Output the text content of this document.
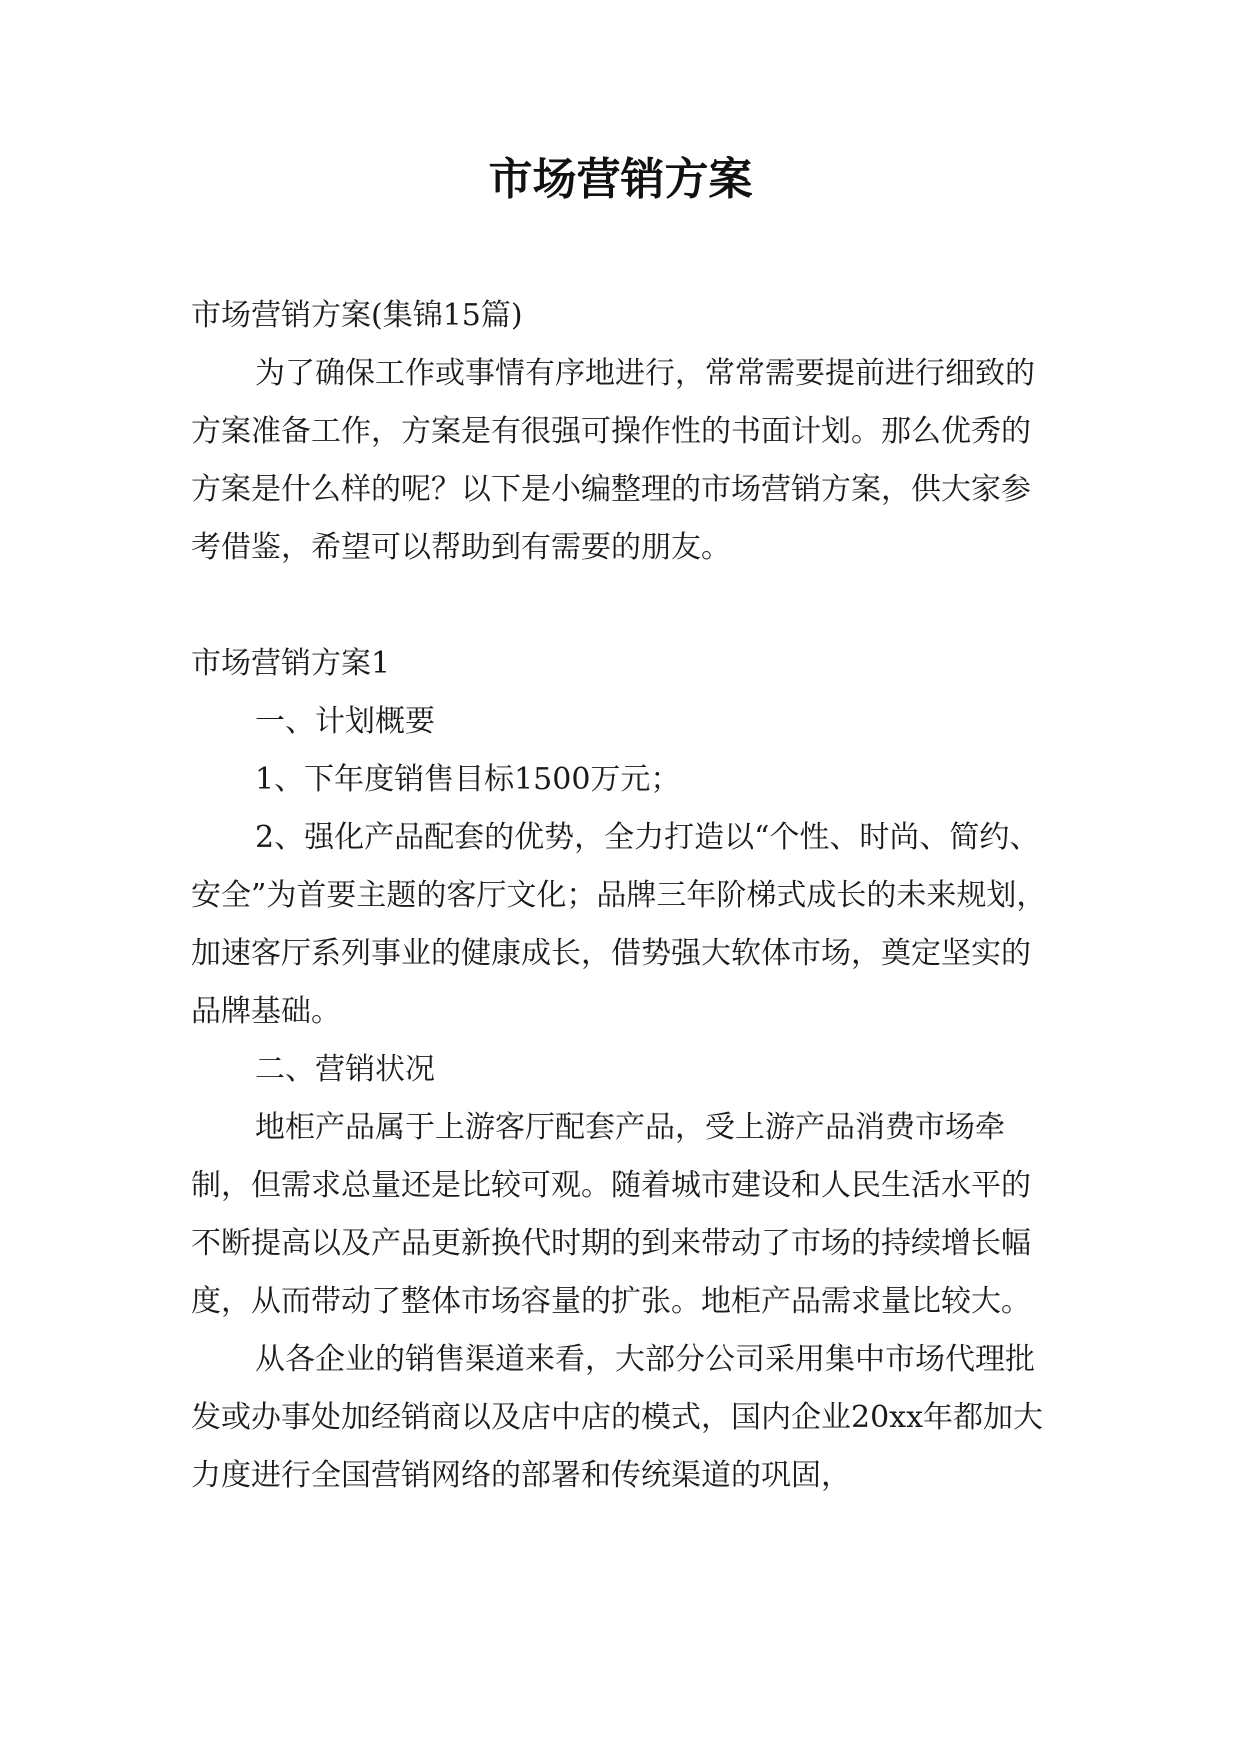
市场营销方案

市场营销方案(集锦15篇)

为了确保工作或事情有序地进行，常常需要提前进行细致的方案准备工作，方案是有很强可操作性的书面计划。那么优秀的方案是什么样的呢？以下是小编整理的市场营销方案，供大家参考借鉴，希望可以帮助到有需要的朋友。

市场营销方案1

一、计划概要

1、下年度销售目标1500万元；

2、强化产品配套的优势，全力打造以“个性、时尚、简约、安全”为首要主题的客厅文化；品牌三年阶梯式成长的未来规划，加速客厅系列事业的健康成长，借势强大软体市场，奠定坚实的品牌基础。

二、营销状况

地柜产品属于上游客厅配套产品，受上游产品消费市场牵制，但需求总量还是比较可观。随着城市建设和人民生活水平的不断提高以及产品更新换代时期的到来带动了市场的持续增长幅度，从而带动了整体市场容量的扩张。地柜产品需求量比较大。

从各企业的销售渠道来看，大部分公司采用集中市场代理批发或办事处加经销商以及店中店的模式，国内企业20xx年都加大力度进行全国营销网络的部署和传统渠道的巩固，
